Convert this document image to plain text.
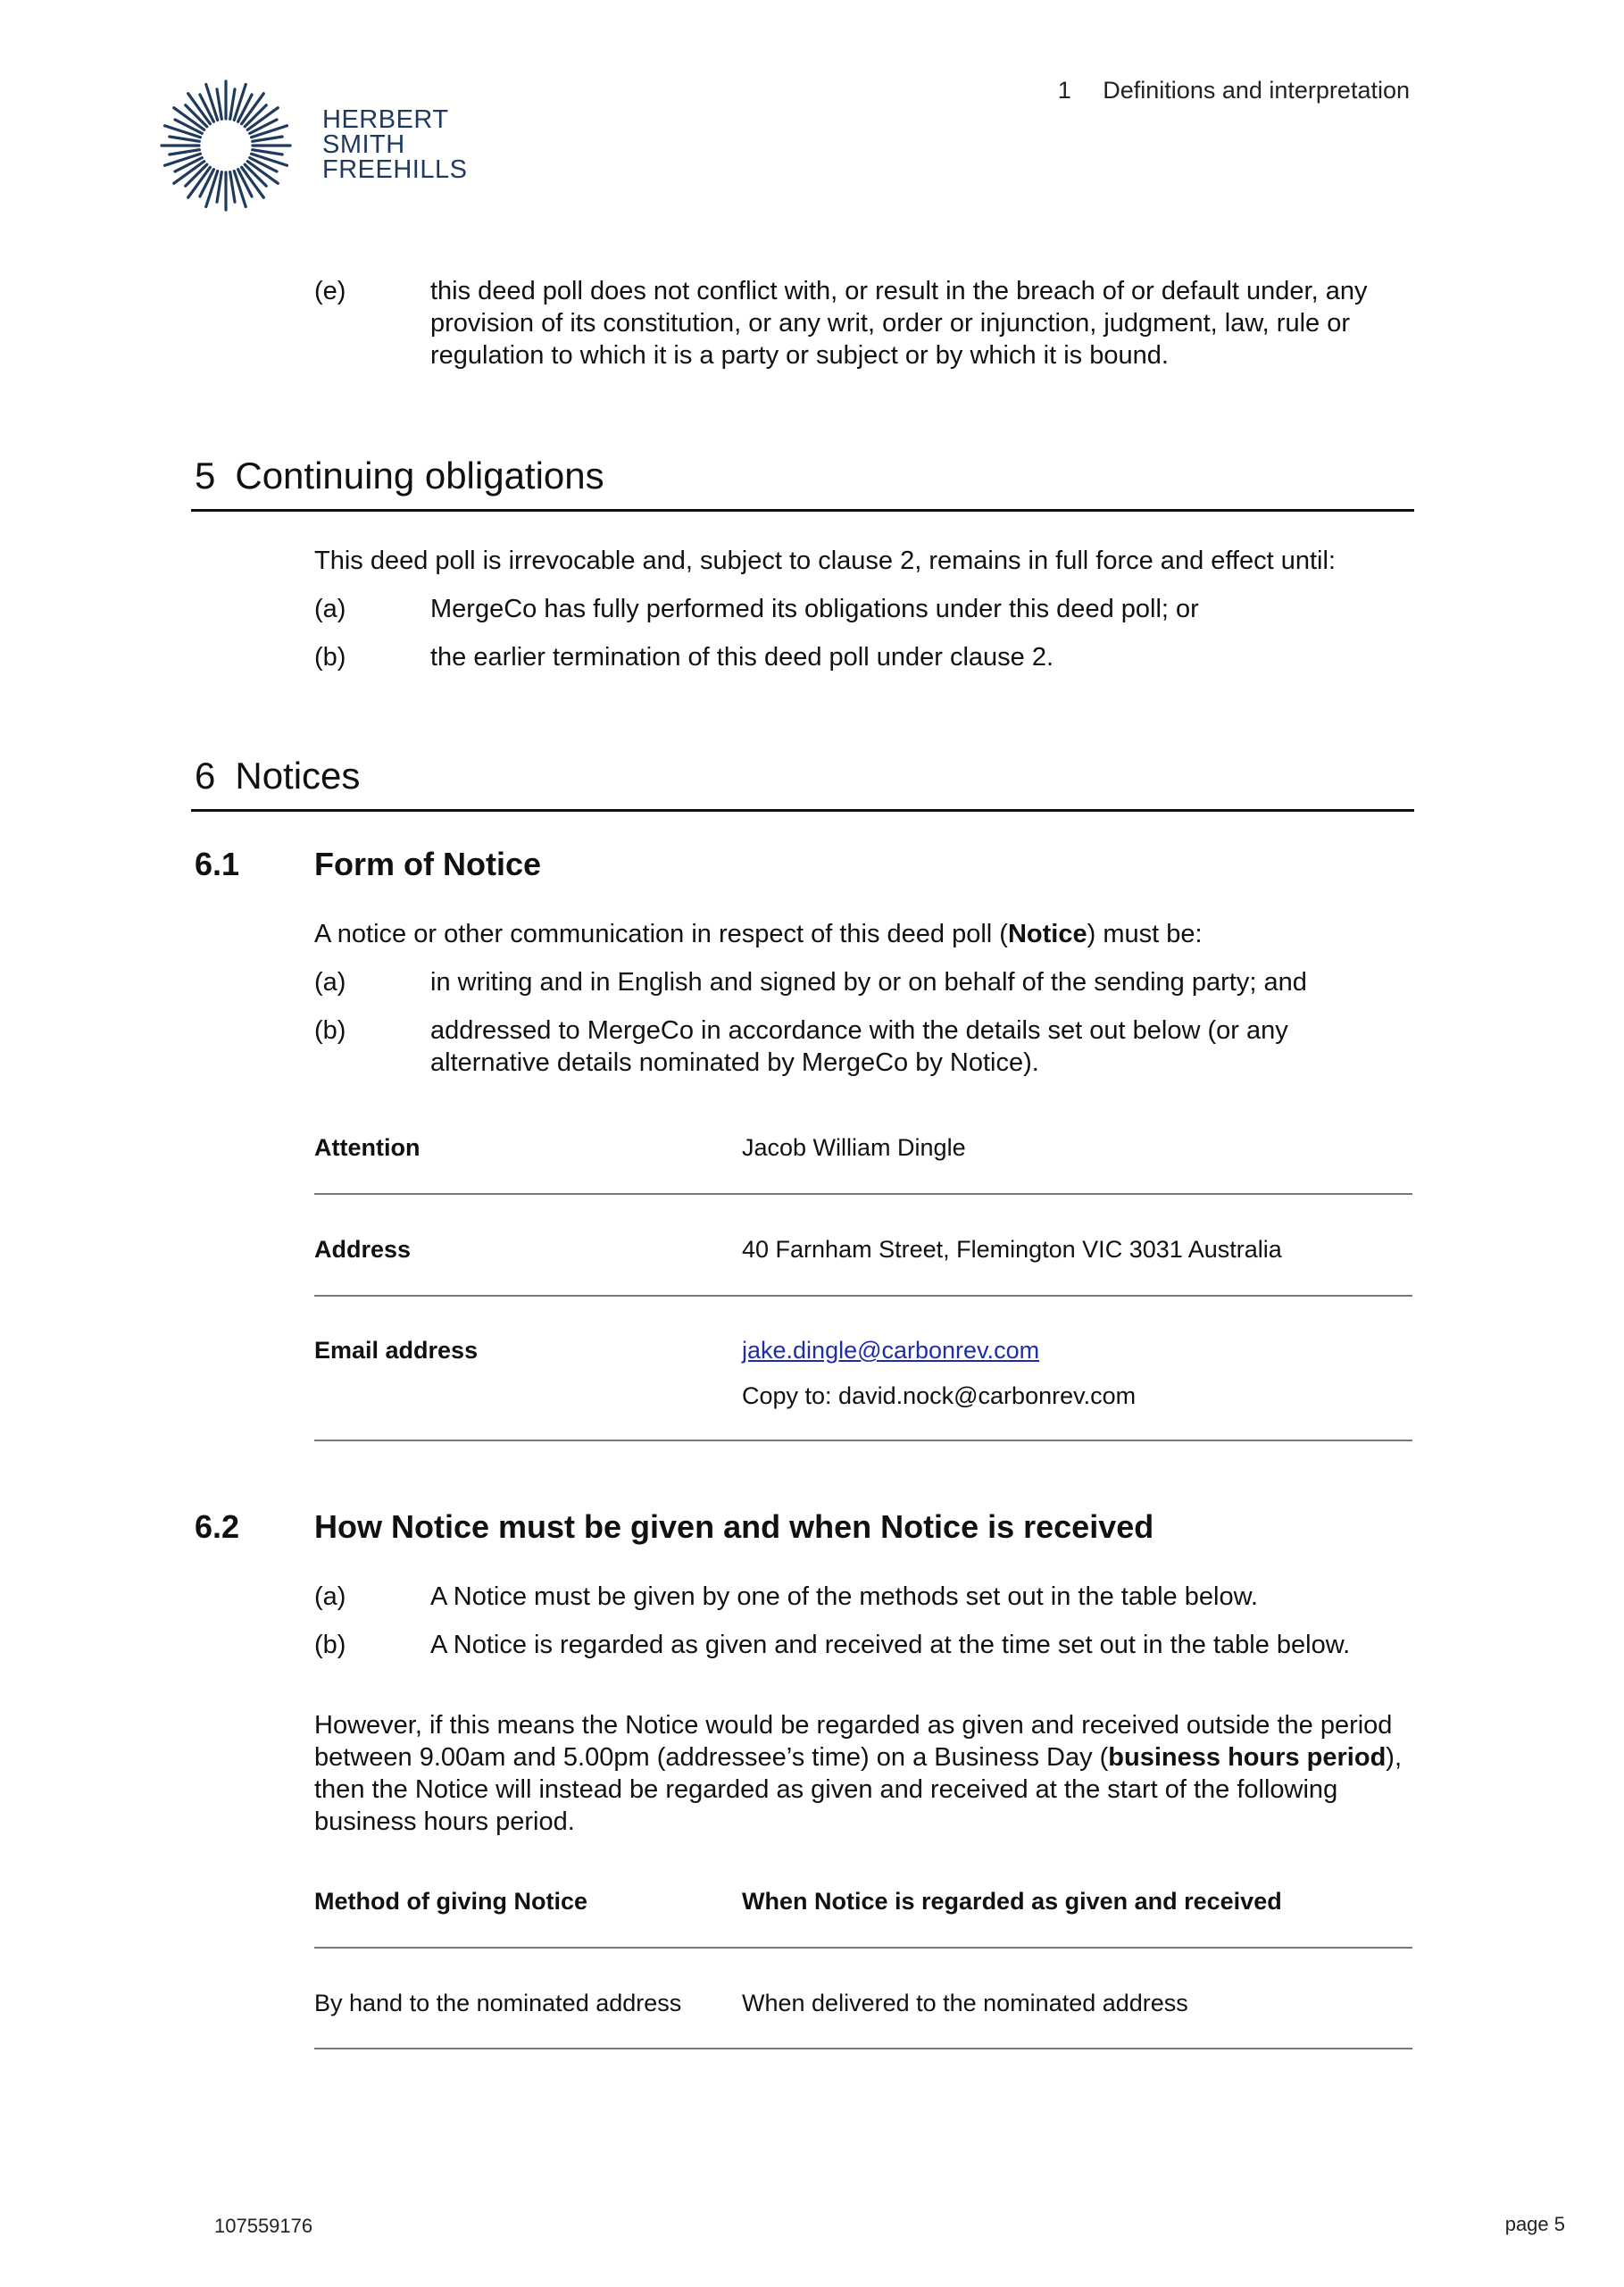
HERBERT
SMITH
FREEHILLS
1 Definitions and interpretation
(e)	this deed poll does not conflict with, or result in the breach of or default under, any provision of its constitution, or any writ, order or injunction, judgment, law, rule or regulation to which it is a party or subject or by which it is bound.
5 Continuing obligations
This deed poll is irrevocable and, subject to clause 2, remains in full force and effect until:
(a)	MergeCo has fully performed its obligations under this deed poll; or
(b)	the earlier termination of this deed poll under clause 2.
6 Notices
6.1 Form of Notice
A notice or other communication in respect of this deed poll (Notice) must be:
(a)	in writing and in English and signed by or on behalf of the sending party; and
(b)	addressed to MergeCo in accordance with the details set out below (or any alternative details nominated by MergeCo by Notice).
Attention	Jacob William Dingle
Address	40 Farnham Street, Flemington VIC 3031 Australia
Email address	jake.dingle@carbonrev.com
Copy to: david.nock@carbonrev.com
6.2 How Notice must be given and when Notice is received
(a)	A Notice must be given by one of the methods set out in the table below.
(b)	A Notice is regarded as given and received at the time set out in the table below.
However, if this means the Notice would be regarded as given and received outside the period between 9.00am and 5.00pm (addressee’s time) on a Business Day (business hours period), then the Notice will instead be regarded as given and received at the start of the following business hours period.
Method of giving Notice	When Notice is regarded as given and received
By hand to the nominated address	When delivered to the nominated address
107559176	page 5
